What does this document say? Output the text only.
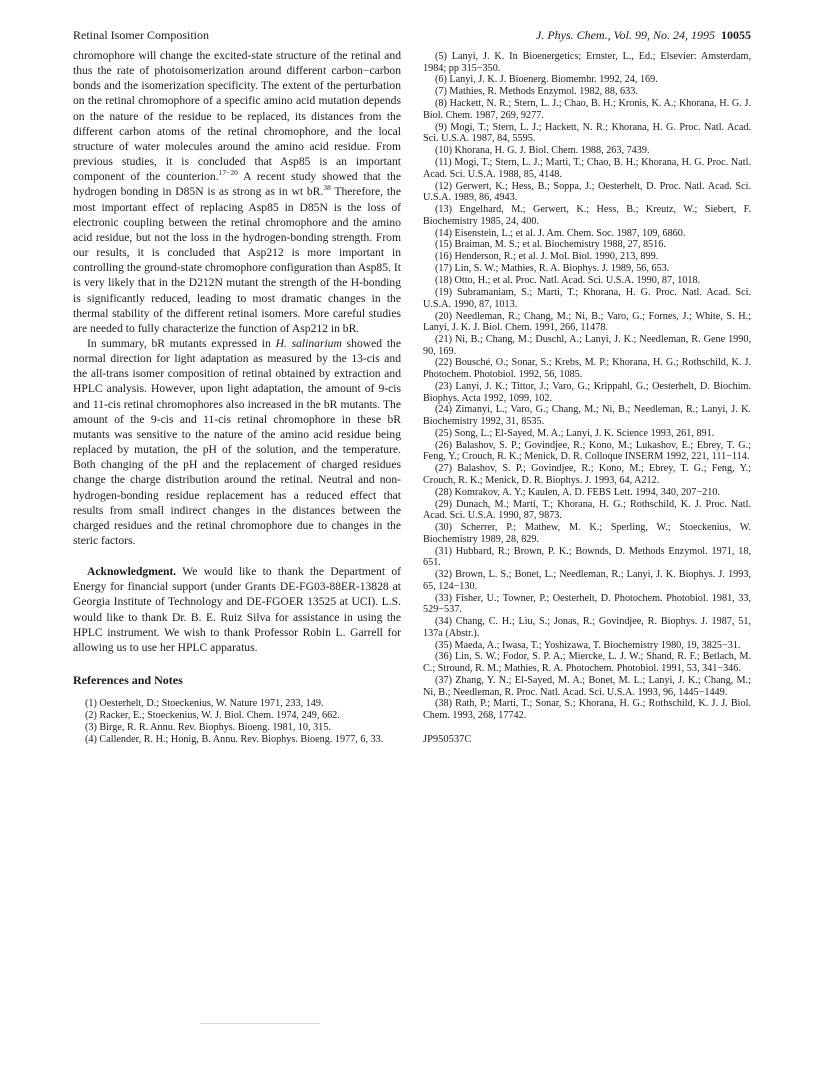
Retinal Isomer Composition	J. Phys. Chem., Vol. 99, No. 24, 1995 10055

chromophore will change the excited-state structure of the retinal and thus the rate of photoisomerization around different carbon−carbon bonds and the isomerization specificity. The extent of the perturbation on the retinal chromophore of a specific amino acid mutation depends on the nature of the residue to be replaced, its distances from the different carbon atoms of the retinal chromophore, and the local structure of water molecules around the amino acid residue. From previous studies, it is concluded that Asp85 is an important component of the counterion.$^{17-20}$ A recent study showed that the hydrogen bonding in D85N is as strong as in wt bR.$^{38}$ Therefore, the most important effect of replacing Asp85 in D85N is the loss of electronic coupling between the retinal chromophore and the amino acid residue, but not the loss in the hydrogen-bonding strength. From our results, it is concluded that Asp212 is more important in controlling the ground-state chromophore configuration than Asp85. It is very likely that in the D212N mutant the strength of the H-bonding is significantly reduced, leading to most dramatic changes in the thermal stability of the different retinal isomers. More careful studies are needed to fully characterize the function of Asp212 in bR.

In summary, bR mutants expressed in H. salinarium showed the normal direction for light adaptation as measured by the 13-cis and the all-trans isomer composition of retinal obtained by extraction and HPLC analysis. However, upon light adaptation, the amount of 9-cis and 11-cis retinal chromophores also increased in the bR mutants. The amount of the 9-cis and 11-cis retinal chromophore in these bR mutants was sensitive to the nature of the amino acid residue being replaced by mutation, the pH of the solution, and the temperature. Both changing of the pH and the replacement of charged residues change the charge distribution around the retinal. Neutral and non-hydrogen-bonding residue replacement has a reduced effect that results from small indirect changes in the distances between the charged residues and the retinal chromophore due to changes in the steric factors.

Acknowledgment. We would like to thank the Department of Energy for financial support (under Grants DE-FG03-88ER-13828 at Georgia Institute of Technology and DE-FGOER 13525 at UCI). L.S. would like to thank Dr. B. E. Ruiz Silva for assistance in using the HPLC instrument. We wish to thank Professor Robin L. Garrell for allowing us to use her HPLC apparatus.

References and Notes

(1) Oesterhelt, D.; Stoeckenius, W. Nature 1971, 233, 149.

(2) Racker, E.; Stoeckenius, W. J. Biol. Chem. 1974, 249, 662.

(3) Birge, R. R. Annu. Rev. Biophys. Bioeng. 1981, 10, 315.

(4) Callender, R. H.; Honig, B. Annu. Rev. Biophys. Bioeng. 1977, 6, 33.

(5) Lanyi, J. K. In Bioenergetics; Ernster, L., Ed.; Elsevier: Amsterdam, 1984; pp 315−350.

(6) Lanyi, J. K. J. Bioenerg. Biomembr. 1992, 24, 169.

(7) Mathies, R. Methods Enzymol. 1982, 88, 633.

(8) Hackett, N. R.; Stern, L. J.; Chao, B. H.; Kronis, K. A.; Khorana, H. G. J. Biol. Chem. 1987, 269, 9277.

(9) Mogi, T.; Stern, L. J.; Hackett, N. R.; Khorana, H. G. Proc. Natl. Acad. Sci. U.S.A. 1987, 84, 5595.

(10) Khorana, H. G. J. Biol. Chem. 1988, 263, 7439.

(11) Mogi, T.; Stern, L. J.; Marti, T.; Chao, B. H.; Khorana, H. G. Proc. Natl. Acad. Sci. U.S.A. 1988, 85, 4148.

(12) Gerwert, K.; Hess, B.; Soppa, J.; Oesterhelt, D. Proc. Natl. Acad. Sci. U.S.A. 1989, 86, 4943.

(13) Engelhard, M.; Gerwert, K.; Hess, B.; Kreutz, W.; Siebert, F. Biochemistry 1985, 24, 400.

(14) Eisenstein, L.; et al. J. Am. Chem. Soc. 1987, 109, 6860.

(15) Braiman, M. S.; et al. Biochemistry 1988, 27, 8516.

(16) Henderson, R.; et al. J. Mol. Biol. 1990, 213, 899.

(17) Lin, S. W.; Mathies, R. A. Biophys. J. 1989, 56, 653.

(18) Otto, H.; et al. Proc. Natl. Acad. Sci. U.S.A. 1990, 87, 1018.

(19) Subramaniam, S.; Marti, T.; Khorana, H. G. Proc. Natl. Acad. Sci. U.S.A. 1990, 87, 1013.

(20) Needleman, R.; Chang, M.; Ni, B.; Varo, G.; Fornes, J.; White, S. H.; Lanyi, J. K. J. Biol. Chem. 1991, 266, 11478.

(21) Ni, B.; Chang, M.; Duschl, A.; Lanyi, J. K.; Needleman, R. Gene 1990, 90, 169.

(22) Bousché, O.; Sonar, S.; Krebs, M. P.; Khorana, H. G.; Rothschild, K. J. Photochem. Photobiol. 1992, 56, 1085.

(23) Lanyi, J. K.; Tittor, J.; Varo, G.; Krippahl, G.; Oesterhelt, D. Biochim. Biophys. Acta 1992, 1099, 102.

(24) Zimanyi, L.; Varo, G.; Chang, M.; Ni, B.; Needleman, R.; Lanyi, J. K. Biochemistry 1992, 31, 8535.

(25) Song, L.; El-Sayed, M. A.; Lanyi, J. K. Science 1993, 261, 891.

(26) Balashov, S. P.; Govindjee, R.; Kono, M.; Lukashov, E.; Ebrey, T. G.; Feng, Y.; Crouch, R. K.; Menick, D. R. Colloque INSERM 1992, 221, 111−114.

(27) Balashov, S. P.; Govindjee, R.; Kono, M.; Ebrey, T. G.; Feng, Y.; Crouch, R. K.; Menick, D. R. Biophys. J. 1993, 64, A212.

(28) Komrakov, A. Y.; Kaulen, A. D. FEBS Lett. 1994, 340, 207−210.

(29) Dunach, M.; Marti, T.; Khorana, H. G.; Rothschild, K. J. Proc. Natl. Acad. Sci. U.S.A. 1990, 87, 9873.

(30) Scherrer, P.; Mathew, M. K.; Sperling, W.; Stoeckenius, W. Biochemistry 1989, 28, 829.

(31) Hubbard, R.; Brown, P. K.; Bownds, D. Methods Enzymol. 1971, 18, 651.

(32) Brown, L. S.; Bonet, L.; Needleman, R.; Lanyi, J. K. Biophys. J. 1993, 65, 124−130.

(33) Fisher, U.; Towner, P.; Oesterhelt, D. Photochem. Photobiol. 1981, 33, 529−537.

(34) Chang, C. H.; Liu, S.; Jonas, R.; Govindjee, R. Biophys. J. 1987, 51, 137a (Abstr.).

(35) Maeda, A.; Iwasa, T.; Yoshizawa, T. Biochemistry 1980, 19, 3825−31.

(36) Lin, S. W.; Fodor, S. P. A.; Miercke, L. J. W.; Shand, R. F.; Betlach, M. C.; Stround, R. M.; Mathies, R. A. Photochem. Photobiol. 1991, 53, 341−346.

(37) Zhang, Y. N.; El-Sayed, M. A.; Bonet, M. L.; Lanyi, J. K.; Chang, M.; Ni, B.; Needleman, R. Proc. Natl. Acad. Sci. U.S.A. 1993, 96, 1445−1449.

(38) Rath, P.; Marti, T.; Sonar, S.; Khorana, H. G.; Rothschild, K. J. J. Biol. Chem. 1993, 268, 17742.

JP950537C
